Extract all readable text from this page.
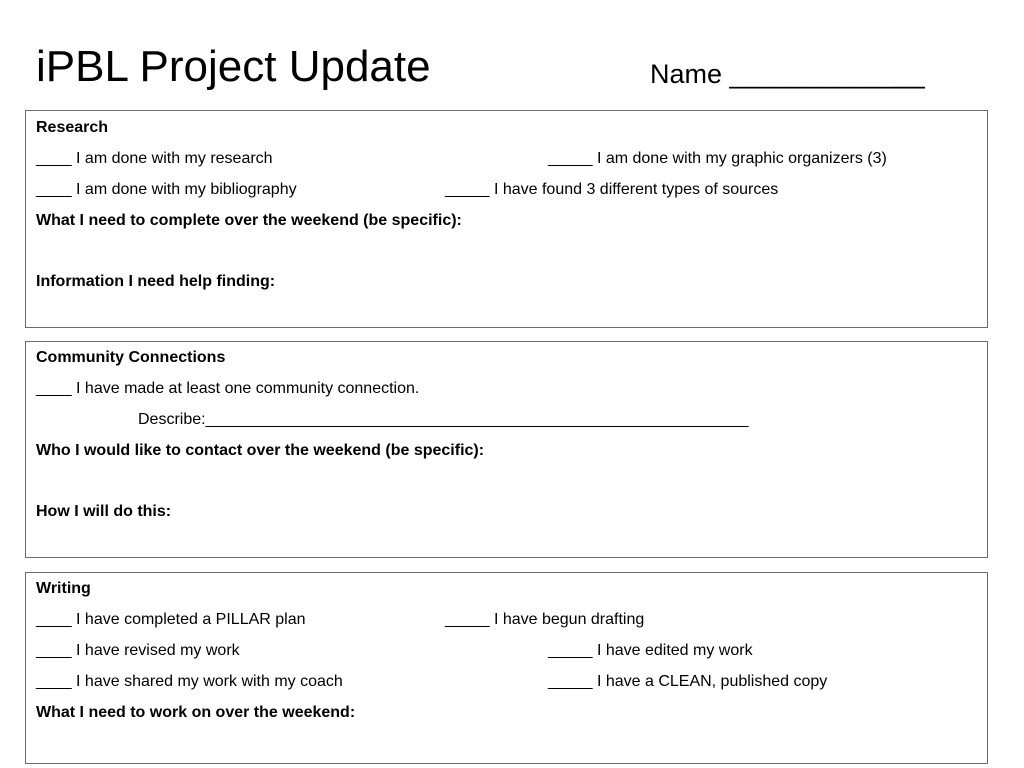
iPBL Project Update	Name _____________
Research
____ I am done with my research	_____ I am done with my graphic organizers (3)
____ I am done with my bibliography	_____ I have found 3 different types of sources
What I need to complete over the weekend (be specific):
Information I need help finding:
Community Connections
____ I have made at least one community connection.
Describe:_____________________________________________________________
Who I would like to contact over the weekend (be specific):
How I will do this:
Writing
____ I have completed a PILLAR plan	_____ I have begun drafting
____ I have revised my work	_____ I have edited my work
____ I have shared my work with my coach	_____ I have a CLEAN, published copy
What I need to work on over the weekend:
